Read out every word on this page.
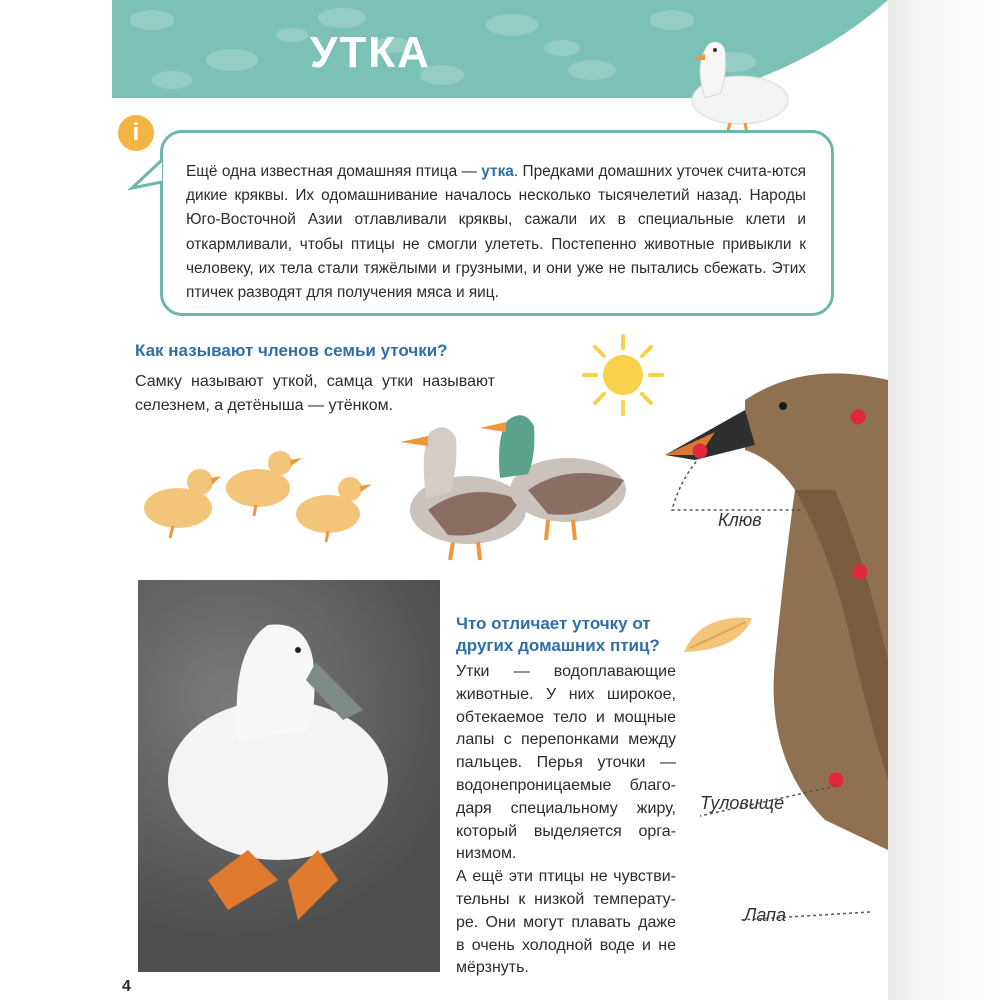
УТКА
i
Ещё одна известная домашняя птица — утка. Предками домашних уточек счита-ются дикие кряквы. Их одомашнивание началось несколько тысячелетий назад. Народы Юго-Восточной Азии отлавливали кряквы, сажали их в специальные клети и откармливали, чтобы птицы не смогли улететь. Постепенно животные привыкли к человеку, их тела стали тяжёлыми и грузными, и они уже не пытались сбежать. Этих птичек разводят для получения мяса и яиц.
Как называют членов семьи уточки?
Самку называют уткой, самца утки называют селезнем, а детёныша — утёнком.
Что отличает уточку от других домашних птиц?
Утки — водоплавающие животные. У них широкое, обтекаемое тело и мощные лапы с перепонками между пальцев. Перья уточки — водонепроницаемые благо-даря специальному жиру, который выделяется орга-низмом.
А ещё эти птицы не чувстви-тельны к низкой температу-ре. Они могут плавать даже в очень холодной воде и не мёрзнуть.
Клюв
Туловище
Лапа
4
